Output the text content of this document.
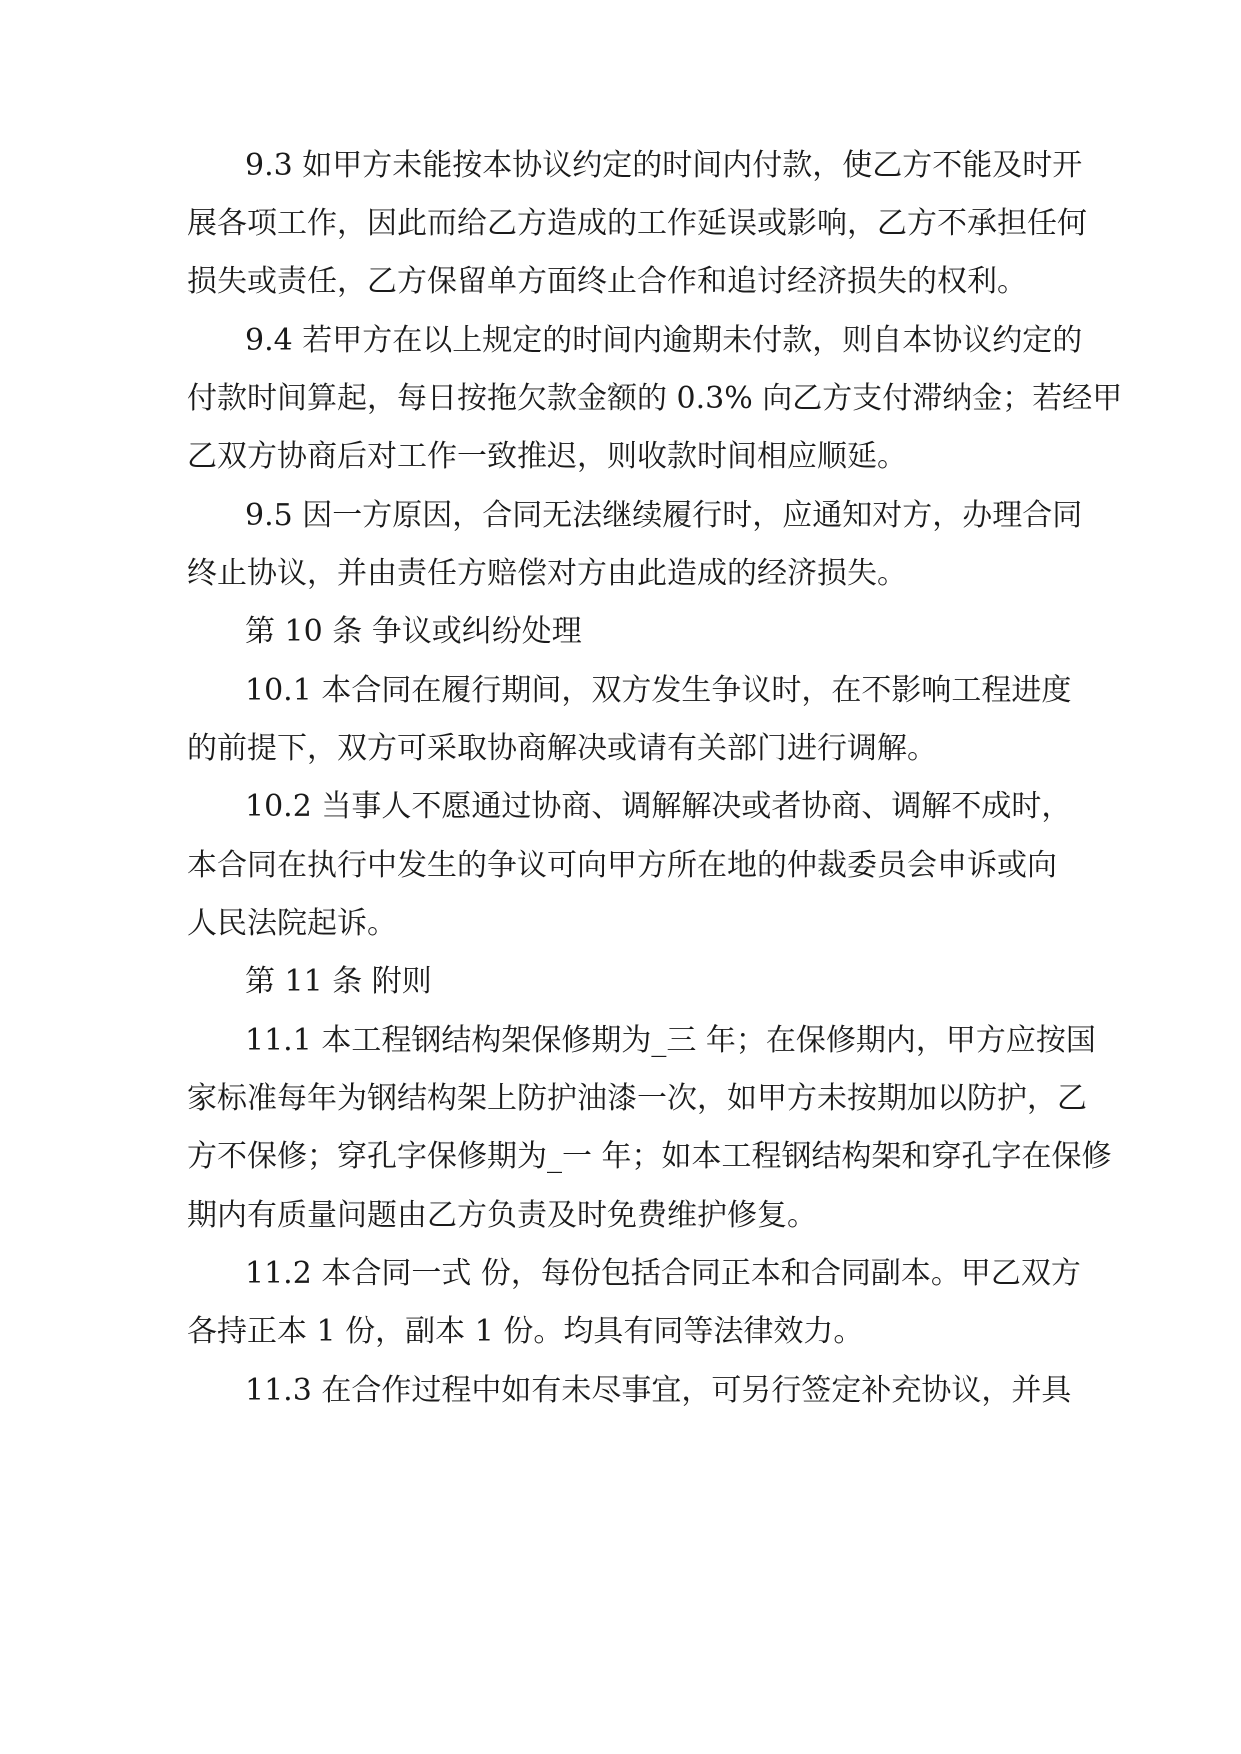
9.3 如甲方未能按本协议约定的时间内付款，使乙方不能及时开
展各项工作，因此而给乙方造成的工作延误或影响，乙方不承担任何
损失或责任，乙方保留单方面终止合作和追讨经济损失的权利。
9.4 若甲方在以上规定的时间内逾期未付款，则自本协议约定的
付款时间算起，每日按拖欠款金额的 0.3% 向乙方支付滞纳金；若经甲
乙双方协商后对工作一致推迟，则收款时间相应顺延。
9.5 因一方原因，合同无法继续履行时，应通知对方，办理合同
终止协议，并由责任方赔偿对方由此造成的经济损失。
第 10 条 争议或纠纷处理
10.1 本合同在履行期间，双方发生争议时，在不影响工程进度
的前提下，双方可采取协商解决或请有关部门进行调解。
10.2 当事人不愿通过协商、调解解决或者协商、调解不成时，
本合同在执行中发生的争议可向甲方所在地的仲裁委员会申诉或向
人民法院起诉。
第 11 条 附则
11.1 本工程钢结构架保修期为_三 年；在保修期内，甲方应按国
家标准每年为钢结构架上防护油漆一次，如甲方未按期加以防护，乙
方不保修；穿孔字保修期为_一 年；如本工程钢结构架和穿孔字在保修
期内有质量问题由乙方负责及时免费维护修复。
11.2 本合同一式 份，每份包括合同正本和合同副本。甲乙双方
各持正本 1 份，副本 1 份。均具有同等法律效力。
11.3 在合作过程中如有未尽事宜，可另行签定补充协议，并具
